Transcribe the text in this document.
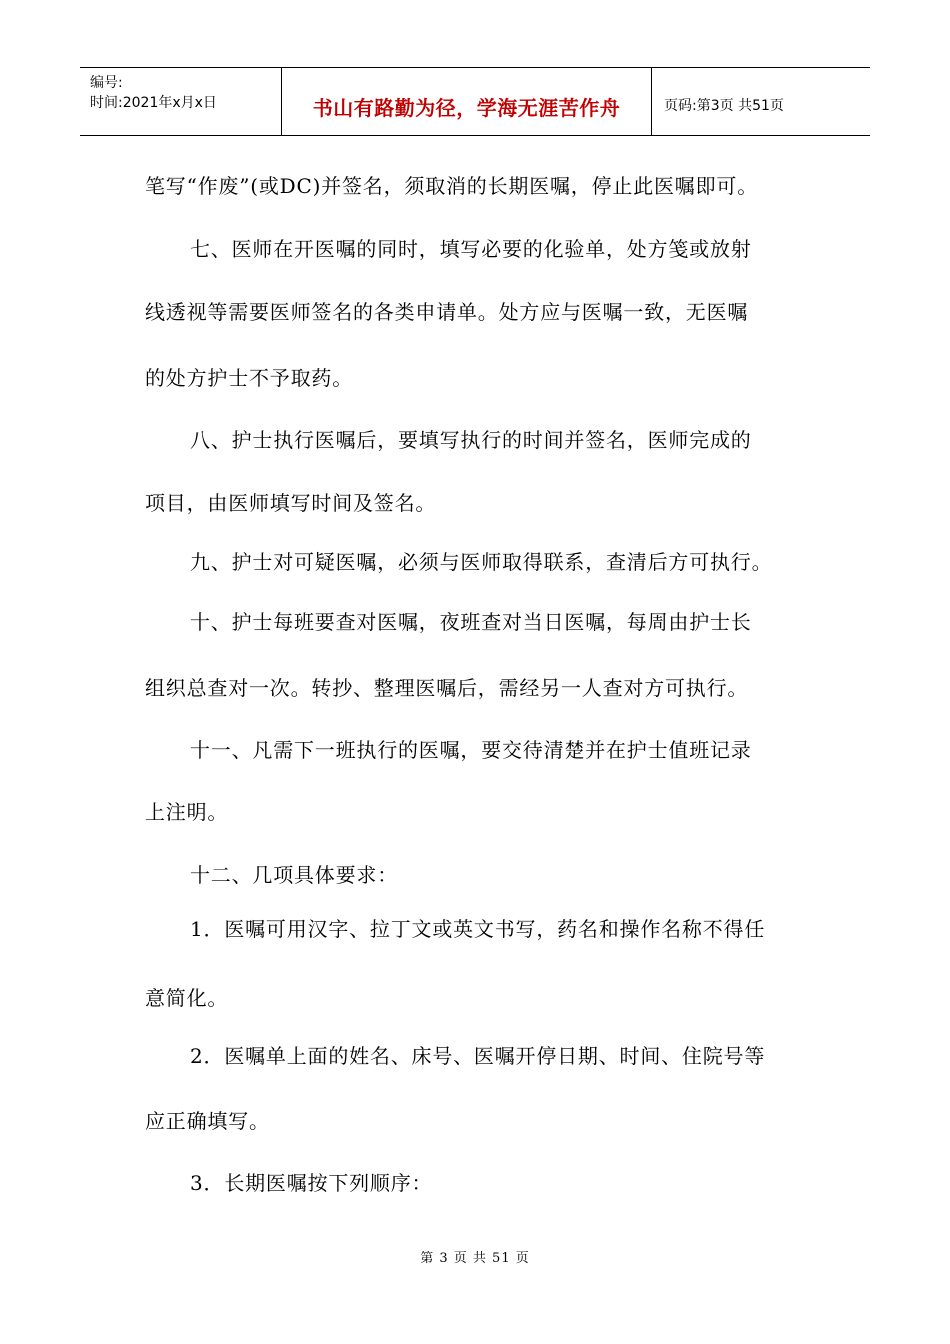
编号:
时间:2021年x月x日	书山有路勤为径，学海无涯苦作舟	页码:第3页 共51页
笔写“作废”(或DC)并签名，须取消的长期医嘱，停止此医嘱即可。
七、医师在开医嘱的同时，填写必要的化验单，处方笺或放射
线透视等需要医师签名的各类申请单。处方应与医嘱一致，无医嘱
的处方护士不予取药。
八、护士执行医嘱后，要填写执行的时间并签名，医师完成的
项目，由医师填写时间及签名。
九、护士对可疑医嘱，必须与医师取得联系，查清后方可执行。
十、护士每班要查对医嘱，夜班查对当日医嘱，每周由护士长
组织总查对一次。转抄、整理医嘱后，需经另一人查对方可执行。
十一、凡需下一班执行的医嘱，要交待清楚并在护士值班记录
上注明。
十二、几项具体要求：
1．医嘱可用汉字、拉丁文或英文书写，药名和操作名称不得任
意简化。
2．医嘱单上面的姓名、床号、医嘱开停日期、时间、住院号等
应正确填写。
3．长期医嘱按下列顺序：
第 3 页 共 51 页
